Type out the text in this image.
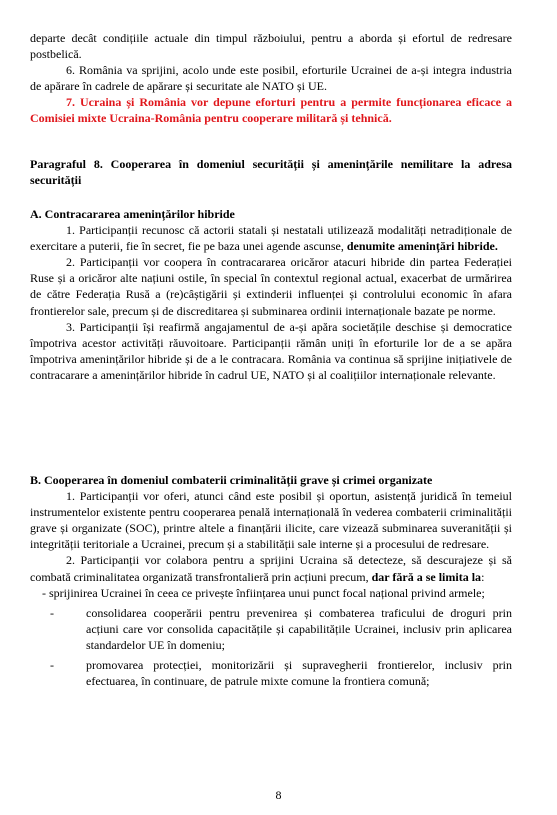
departe decât condițiile actuale din timpul războiului, pentru a aborda și efortul de redresare postbelică.

6. România va sprijini, acolo unde este posibil, eforturile Ucrainei de a-și integra industria de apărare în cadrele de apărare și securitate ale NATO și UE.

7. Ucraina și România vor depune eforturi pentru a permite funcționarea eficace a Comisiei mixte Ucraina-România pentru cooperare militară și tehnică.

Paragraful 8. Cooperarea în domeniul securității și amenințările nemilitare la adresa securității

A. Contracararea amenințărilor hibride

1. Participanții recunosc că actorii statali și nestatali utilizează modalități netradiționale de exercitare a puterii, fie în secret, fie pe baza unei agende ascunse, denumite amenințări hibride.

2. Participanții vor coopera în contracararea oricăror atacuri hibride din partea Federației Ruse și a oricăror alte națiuni ostile, în special în contextul regional actual, exacerbat de urmărirea de către Federația Rusă a (re)câștigării și extinderii influenței și controlului economic în afara frontierelor sale, precum și de discreditarea și subminarea ordinii internaționale bazate pe norme.

3. Participanții își reafirmă angajamentul de a-și apăra societățile deschise și democratice împotriva acestor activități răuvoitoare. Participanții rămân uniți în eforturile lor de a se apăra împotriva amenințărilor hibride și de a le contracara. România va continua să sprijine inițiativele de contracarare a amenințărilor hibride în cadrul UE, NATO și al coalițiilor internaționale relevante.

B. Cooperarea în domeniul combaterii criminalității grave și crimei organizate

1. Participanții vor oferi, atunci când este posibil și oportun, asistență juridică în temeiul instrumentelor existente pentru cooperarea penală internațională în vederea combaterii criminalității grave și organizate (SOC), printre altele a finanțării ilicite, care vizează subminarea suveranității și integrității teritoriale a Ucrainei, precum și a stabilității sale interne și a procesului de redresare.

2. Participanții vor colabora pentru a sprijini Ucraina să detecteze, să descurajeze și să combată criminalitatea organizată transfrontalieră prin acțiuni precum, dar fără a se limita la:

- sprijinirea Ucrainei în ceea ce privește înființarea unui punct focal național privind armele;

-	consolidarea cooperării pentru prevenirea și combaterea traficului de droguri prin acțiuni care vor consolida capacitățile și capabilitățile Ucrainei, inclusiv prin aplicarea standardelor UE în domeniu;

-	promovarea protecției, monitorizării și supravegherii frontierelor, inclusiv prin efectuarea, în continuare, de patrule mixte comune la frontiera comună;

8
